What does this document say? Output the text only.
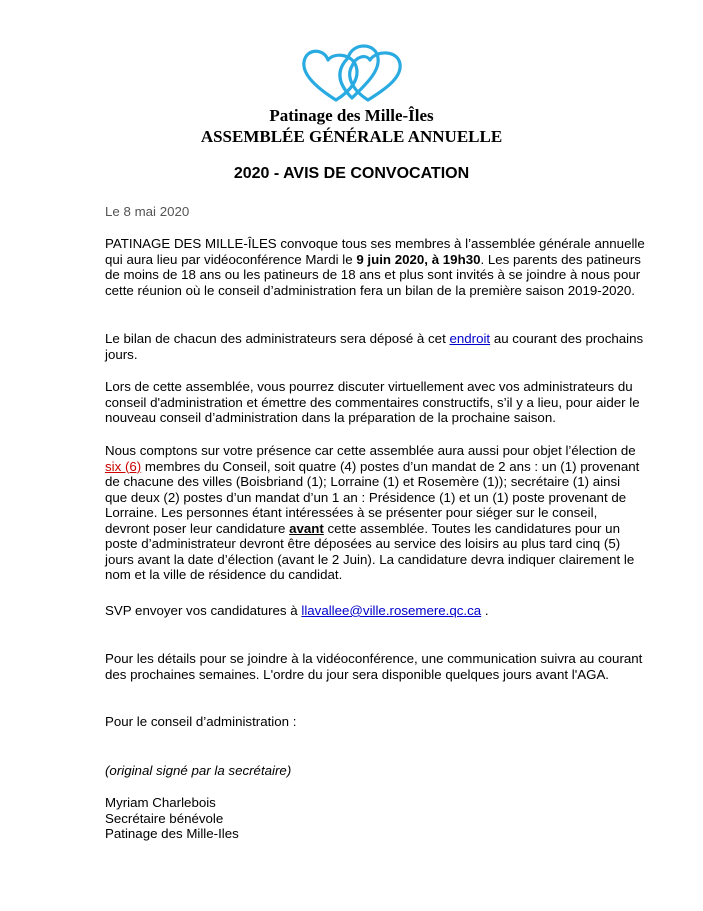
Patinage des Mille-Îles
ASSEMBLÉE GÉNÉRALE ANNUELLE
2020 - AVIS DE CONVOCATION
Le 8 mai 2020
PATINAGE DES MILLE-ÎLES convoque tous ses membres à l’assemblée générale annuelle qui aura lieu par vidéoconférence Mardi le 9 juin 2020, à 19h30. Les parents des patineurs de moins de 18 ans ou les patineurs de 18 ans et plus sont invités à se joindre à nous pour cette réunion où le conseil d’administration fera un bilan de la première saison 2019-2020.
Le bilan de chacun des administrateurs sera déposé à cet endroit au courant des prochains jours.
Lors de cette assemblée, vous pourrez discuter virtuellement avec vos administrateurs du conseil d'administration et émettre des commentaires constructifs, s’il y a lieu, pour aider le nouveau conseil d’administration dans la préparation de la prochaine saison.
Nous comptons sur votre présence car cette assemblée aura aussi pour objet l’élection de six (6) membres du Conseil, soit quatre (4) postes d’un mandat de 2 ans : un (1) provenant de chacune des villes (Boisbriand (1); Lorraine (1) et Rosemère (1)); secrétaire (1) ainsi que deux (2) postes d’un mandat d’un 1 an : Présidence (1) et un (1) poste provenant de Lorraine. Les personnes étant intéressées à se présenter pour siéger sur le conseil, devront poser leur candidature avant cette assemblée. Toutes les candidatures pour un poste d’administrateur devront être déposées au service des loisirs au plus tard cinq (5) jours avant la date d’élection (avant le 2 Juin). La candidature devra indiquer clairement le nom et la ville de résidence du candidat.
SVP envoyer vos candidatures à llavallee@ville.rosemere.qc.ca .
Pour les détails pour se joindre à la vidéoconférence, une communication suivra au courant des prochaines semaines. L'ordre du jour sera disponible quelques jours avant l'AGA.
Pour le conseil d’administration :
(original signé par la secrétaire)
Myriam Charlebois
Secrétaire bénévole
Patinage des Mille-Iles
